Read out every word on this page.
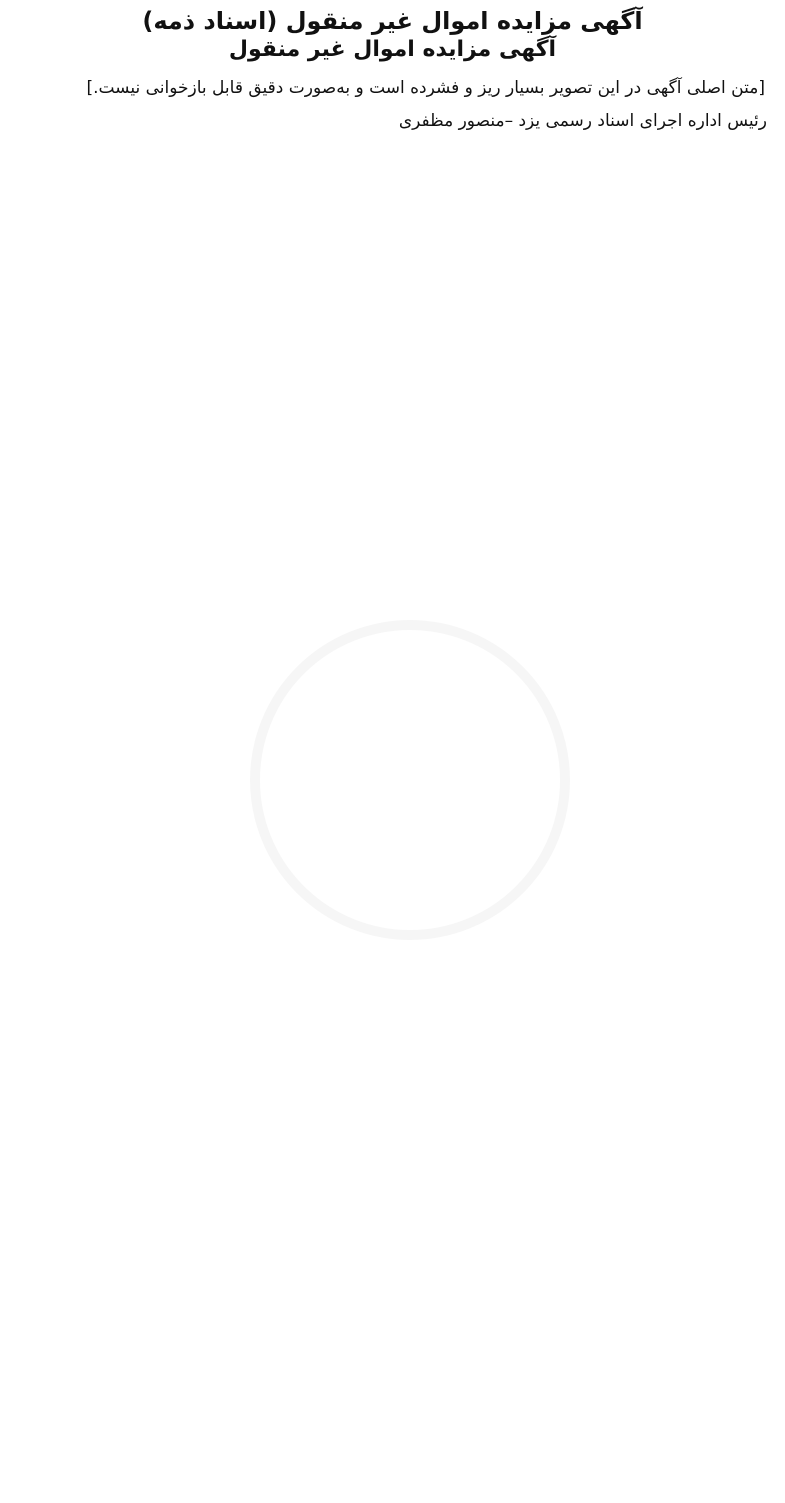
آگهی مزایده اموال غیر منقول (اسناد ذمه)
آگهی مزایده اموال غیر منقول

[متن اصلی آگهی در این تصویر بسیار ریز و فشرده است و به‌صورت دقیق قابل بازخوانی نیست.]

رئیس اداره اجرای اسناد رسمی یزد –منصور مظفری
